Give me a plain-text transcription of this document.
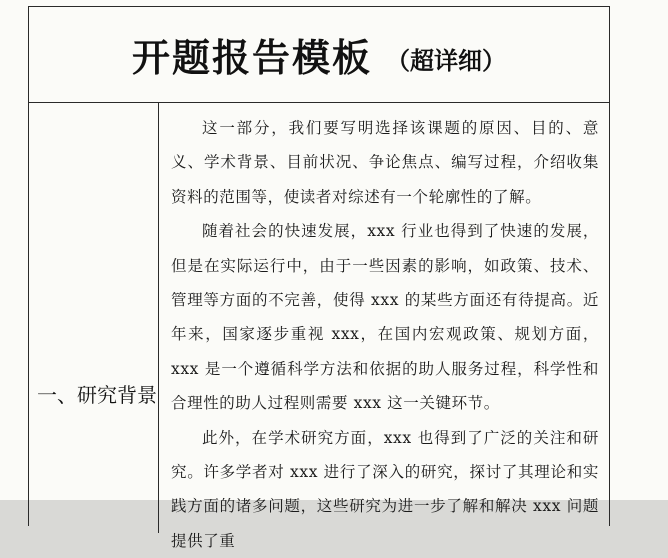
开题报告模板 （超详细）
一、研究背景

这一部分，我们要写明选择该课题的原因、目的、意义、学术背景、目前状况、争论焦点、编写过程，介绍收集资料的范围等，使读者对综述有一个轮廓性的了解。

随着社会的快速发展，xxx 行业也得到了快速的发展，但是在实际运行中，由于一些因素的影响，如政策、技术、管理等方面的不完善，使得 xxx 的某些方面还有待提高。近年来，国家逐步重视 xxx，在国内宏观政策、规划方面，xxx 是一个遵循科学方法和依据的助人服务过程，科学性和合理性的助人过程则需要 xxx 这一关键环节。

此外，在学术研究方面，xxx 也得到了广泛的关注和研究。许多学者对 xxx 进行了深入的研究，探讨了其理论和实践方面的诸多问题，这些研究为进一步了解和解决 xxx 问题提供了重
